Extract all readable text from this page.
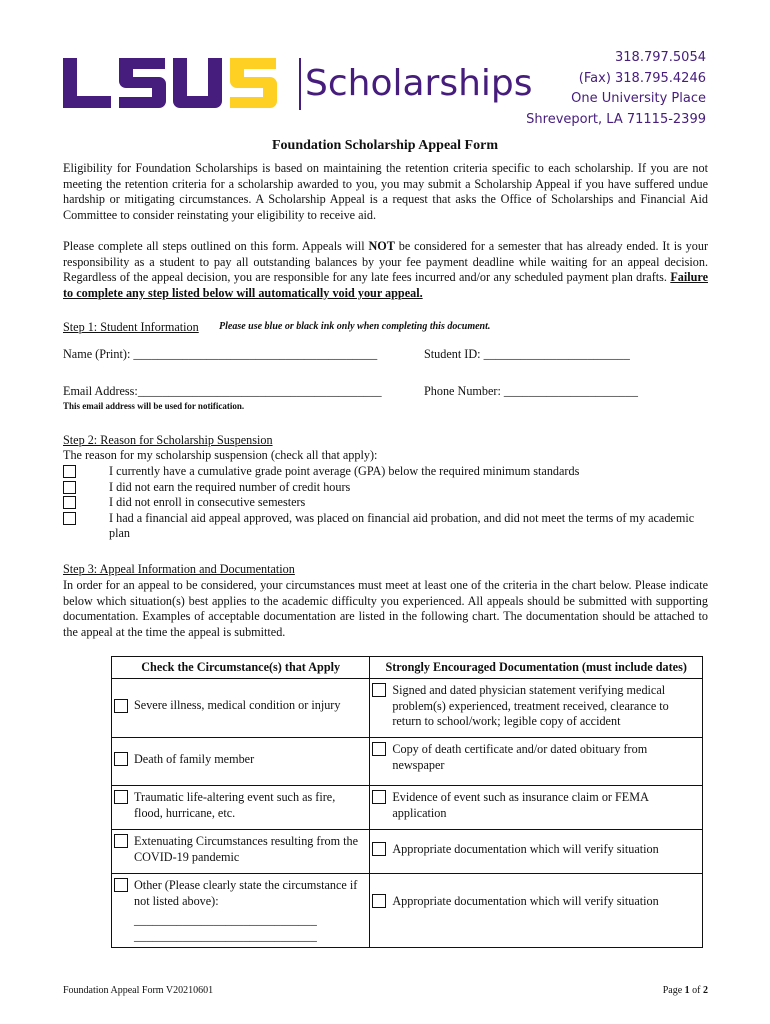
Scholarships
318.797.5054
(Fax) 318.795.4246
One University Place
Shreveport, LA 71115-2399
Foundation Scholarship Appeal Form

Eligibility for Foundation Scholarships is based on maintaining the retention criteria specific to each scholarship. If you are not meeting the retention criteria for a scholarship awarded to you, you may submit a Scholarship Appeal if you have suffered undue hardship or mitigating circumstances. A Scholarship Appeal is a request that asks the Office of Scholarships and Financial Aid Committee to consider reinstating your eligibility to receive aid.

Please complete all steps outlined on this form. Appeals will NOT be considered for a semester that has already ended. It is your responsibility as a student to pay all outstanding balances by your fee payment deadline while waiting for an appeal decision. Regardless of the appeal decision, you are responsible for any late fees incurred and/or any scheduled payment plan drafts. Failure to complete any step listed below will automatically void your appeal.

Step 1: Student Information Please use blue or black ink only when completing this document.
Name (Print): ________________________________________	Student ID: ________________________
Email Address:________________________________________	Phone Number: ______________________
This email address will be used for notification.
Step 2: Reason for Scholarship Suspension
The reason for my scholarship suspension (check all that apply):
I currently have a cumulative grade point average (GPA) below the required minimum standards
I did not earn the required number of credit hours
I did not enroll in consecutive semesters
I had a financial aid appeal approved, was placed on financial aid probation, and did not meet the terms of my academic plan
Step 3: Appeal Information and Documentation

In order for an appeal to be considered, your circumstances must meet at least one of the criteria in the chart below. Please indicate below which situation(s) best applies to the academic difficulty you experienced. All appeals should be submitted with supporting documentation. Examples of acceptable documentation are listed in the following chart. The documentation should be attached to the appeal at the time the appeal is submitted.

Check the Circumstance(s) that Apply	Strongly Encouraged Documentation (must include dates)

Severe illness, medical condition or injury	Signed and dated physician statement verifying medical problem(s) experienced, treatment received, clearance to return to school/work; legible copy of accident

Death of family member	Copy of death certificate and/or dated obituary from newspaper

Traumatic life-altering event such as fire, flood, hurricane, etc.	Evidence of event such as insurance claim or FEMA application

Extenuating Circumstances resulting from the COVID-19 pandemic	Appropriate documentation which will verify situation

Other (Please clearly state the circumstance if not listed above):
______________________________
______________________________	Appropriate documentation which will verify situation
Foundation Appeal Form V20210601	Page 1 of 2
